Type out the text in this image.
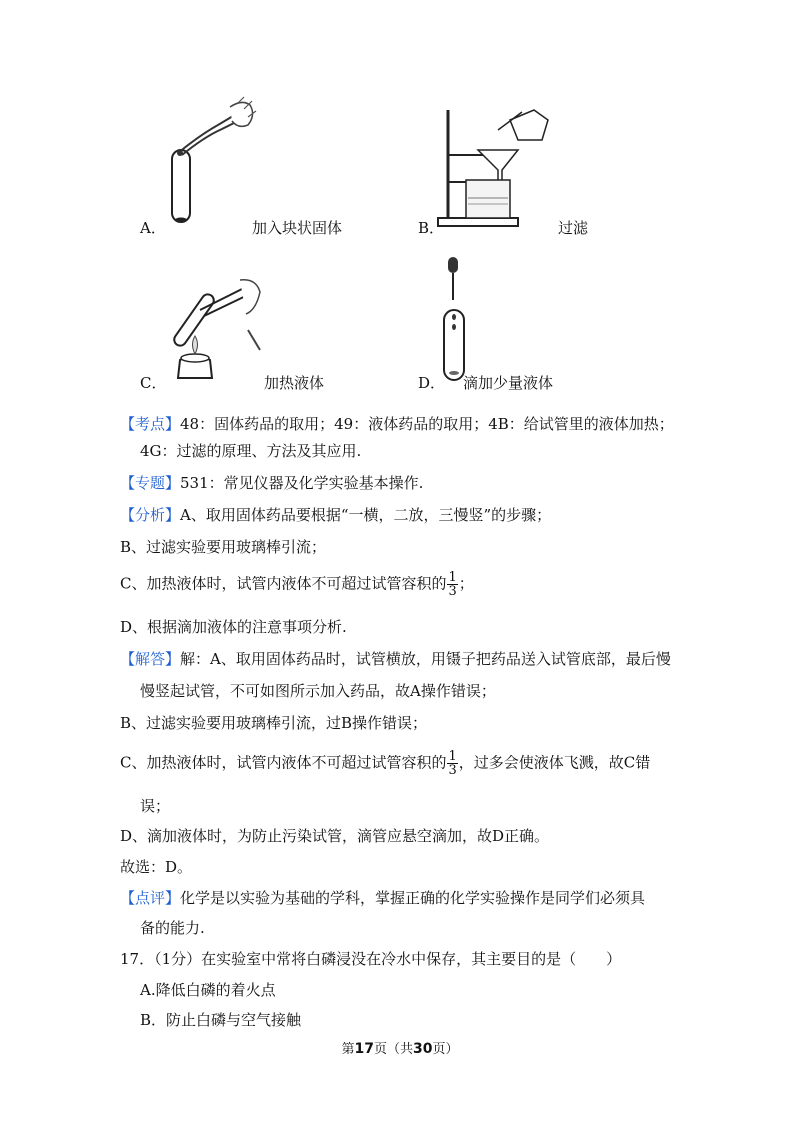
A．	加入块状固体	B．	过滤
C．	加热液体	D． 滴加少量液体
【考点】48：固体药品的取用；49：液体药品的取用；4B：给试管里的液体加热；
4G：过滤的原理、方法及其应用.
【专题】531：常见仪器及化学实验基本操作.
【分析】A、取用固体药品要根据“一横，二放，三慢竖”的步骤；
B、过滤实验要用玻璃棒引流；
C、加热液体时，试管内液体不可超过试管容积的 $\frac{1}{3}$ ；
D、根据滴加液体的注意事项分析.
【解答】解：A、取用固体药品时，试管横放，用镊子把药品送入试管底部，最后慢
慢竖起试管，不可如图所示加入药品，故A操作错误；
B、过滤实验要用玻璃棒引流，过B操作错误；
C、加热液体时，试管内液体不可超过试管容积的 $\frac{1}{3}$ ，过多会使液体飞溅，故C错
误；
D、滴加液体时，为防止污染试管，滴管应悬空滴加，故D正确。
故选：D。
【点评】化学是以实验为基础的学科，掌握正确的化学实验操作是同学们必须具
备的能力.
17．（1分）在实验室中常将白磷浸没在冷水中保存，其主要目的是（　　）
A.降低白磷的着火点
B．防止白磷与空气接触
第17页（共30页）
